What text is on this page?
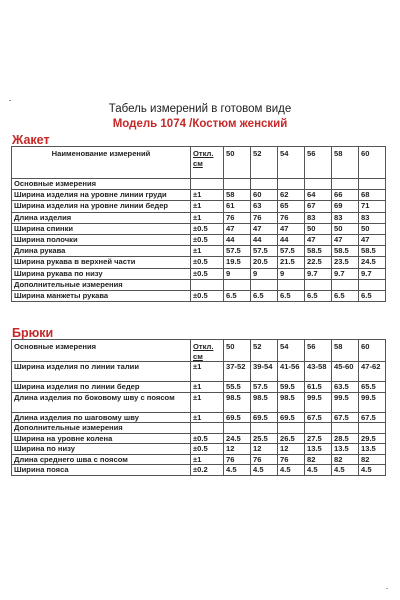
Табель измерений в готовом виде
Модель 1074 /Костюм женский
Жакет
Наименование измерений	Откл. см	50	52	54	56	58	60
Основные измерения							
Ширина изделия на уровне линии груди	±1	58	60	62	64	66	68
Ширина изделия на уровне линии бедер	±1	61	63	65	67	69	71
Длина изделия	±1	76	76	76	83	83	83
Ширина спинки	±0.5	47	47	47	50	50	50
Ширина полочки	±0.5	44	44	44	47	47	47
Длина рукава	±1	57.5	57.5	57.5	58.5	58.5	58.5
Ширина рукава в верхней части	±0.5	19.5	20.5	21.5	22.5	23.5	24.5
Ширина рукава по низу	±0.5	9	9	9	9.7	9.7	9.7
Дополнительные измерения							
Ширина манжеты рукава	±0.5	6.5	6.5	6.5	6.5	6.5	6.5
Брюки
Основные измерения	Откл. см	50	52	54	56	58	60
Ширина изделия по линии талии	±1	37-52	39-54	41-56	43-58	45-60	47-62
Ширина изделия по линии бедер	±1	55.5	57.5	59.5	61.5	63.5	65.5
Длина изделия по боковому шву с поясом	±1	98.5	98.5	98.5	99.5	99.5	99.5
Длина изделия по шаговому шву	±1	69.5	69.5	69.5	67.5	67.5	67.5
Дополнительные измерения							
Ширина на уровне колена	±0.5	24.5	25.5	26.5	27.5	28.5	29.5
Ширина по низу	±0.5	12	12	12	13.5	13.5	13.5
Длина среднего шва с поясом	±1	76	76	76	82	82	82
Ширина пояса	±0.2	4.5	4.5	4.5	4.5	4.5	4.5
